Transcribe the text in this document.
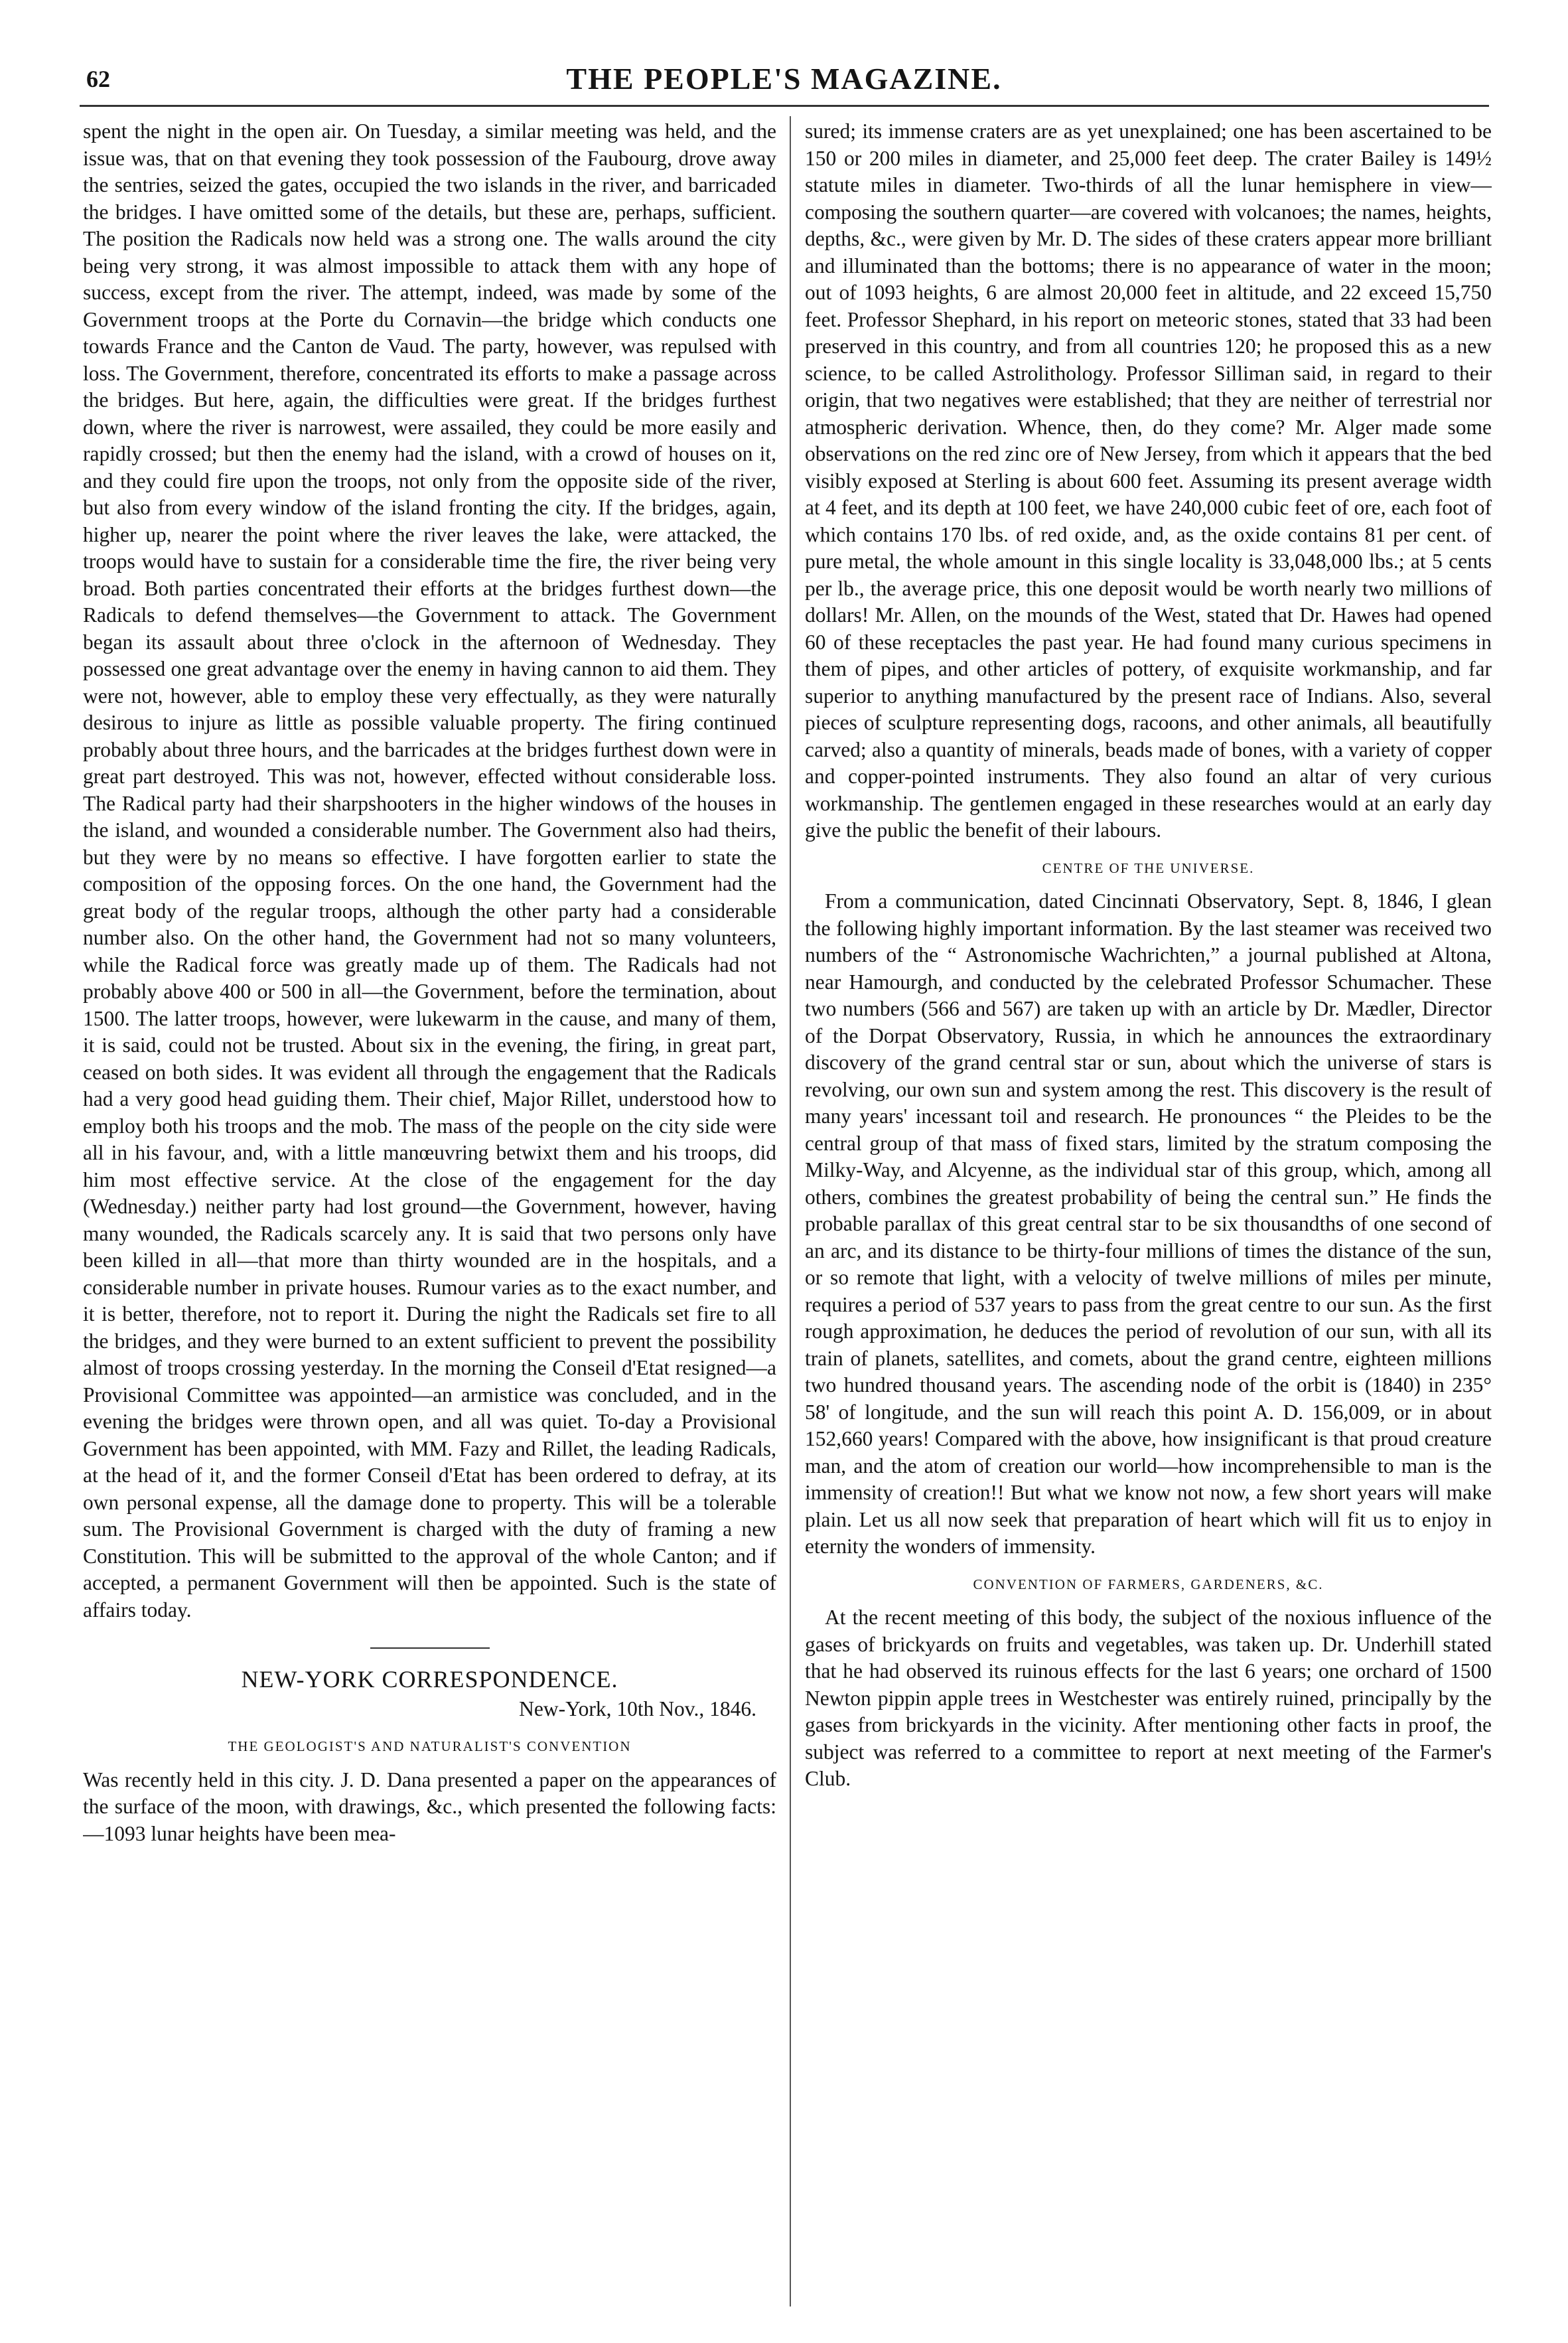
62	THE PEOPLE'S MAGAZINE.

spent the night in the open air. On Tuesday, a similar meeting was held, and the issue was, that on that evening they took possession of the Faubourg, drove away the sentries, seized the gates, occupied the two islands in the river, and barricaded the bridges. I have omitted some of the details, but these are, perhaps, sufficient. The position the Radicals now held was a strong one. The walls around the city being very strong, it was almost impossible to attack them with any hope of success, except from the river. The attempt, indeed, was made by some of the Government troops at the Porte du Cornavin—the bridge which conducts one towards France and the Canton de Vaud. The party, however, was repulsed with loss. The Government, therefore, concentrated its efforts to make a passage across the bridges. But here, again, the difficulties were great. If the bridges furthest down, where the river is narrowest, were assailed, they could be more easily and rapidly crossed; but then the enemy had the island, with a crowd of houses on it, and they could fire upon the troops, not only from the opposite side of the river, but also from every window of the island fronting the city. If the bridges, again, higher up, nearer the point where the river leaves the lake, were attacked, the troops would have to sustain for a considerable time the fire, the river being very broad. Both parties concentrated their efforts at the bridges furthest down—the Radicals to defend themselves—the Government to attack. The Government began its assault about three o'clock in the afternoon of Wednesday. They possessed one great advantage over the enemy in having cannon to aid them. They were not, however, able to employ these very effectually, as they were naturally desirous to injure as little as possible valuable property. The firing continued probably about three hours, and the barricades at the bridges furthest down were in great part destroyed. This was not, however, effected without considerable loss. The Radical party had their sharpshooters in the higher windows of the houses in the island, and wounded a considerable number. The Government also had theirs, but they were by no means so effective. I have forgotten earlier to state the composition of the opposing forces. On the one hand, the Government had the great body of the regular troops, although the other party had a considerable number also. On the other hand, the Government had not so many volunteers, while the Radical force was greatly made up of them. The Radicals had not probably above 400 or 500 in all—the Government, before the termination, about 1500. The latter troops, however, were lukewarm in the cause, and many of them, it is said, could not be trusted. About six in the evening, the firing, in great part, ceased on both sides. It was evident all through the engagement that the Radicals had a very good head guiding them. Their chief, Major Rillet, understood how to employ both his troops and the mob. The mass of the people on the city side were all in his favour, and, with a little manœuvring betwixt them and his troops, did him most effective service. At the close of the engagement for the day (Wednesday.) neither party had lost ground—the Government, however, having many wounded, the Radicals scarcely any. It is said that two persons only have been killed in all—that more than thirty wounded are in the hospitals, and a considerable number in private houses. Rumour varies as to the exact number, and it is better, therefore, not to report it. During the night the Radicals set fire to all the bridges, and they were burned to an extent sufficient to prevent the possibility almost of troops crossing yesterday. In the morning the Conseil d'Etat resigned—a Provisional Committee was appointed—an armistice was concluded, and in the evening the bridges were thrown open, and all was quiet. To-day a Provisional Government has been appointed, with MM. Fazy and Rillet, the leading Radicals, at the head of it, and the former Conseil d'Etat has been ordered to defray, at its own personal expense, all the damage done to property. This will be a tolerable sum. The Provisional Government is charged with the duty of framing a new Constitution. This will be submitted to the approval of the whole Canton; and if accepted, a permanent Government will then be appointed. Such is the state of affairs today.

NEW-YORK CORRESPONDENCE.
New-York, 10th Nov., 1846.
THE GEOLOGIST'S AND NATURALIST'S CONVENTION

Was recently held in this city. J. D. Dana presented a paper on the appearances of the surface of the moon, with drawings, &c., which presented the following facts:—1093 lunar heights have been mea-

sured; its immense craters are as yet unexplained; one has been ascertained to be 150 or 200 miles in diameter, and 25,000 feet deep. The crater Bailey is 149½ statute miles in diameter. Two-thirds of all the lunar hemisphere in view—composing the southern quarter—are covered with volcanoes; the names, heights, depths, &c., were given by Mr. D. The sides of these craters appear more brilliant and illuminated than the bottoms; there is no appearance of water in the moon; out of 1093 heights, 6 are almost 20,000 feet in altitude, and 22 exceed 15,750 feet. Professor Shephard, in his report on meteoric stones, stated that 33 had been preserved in this country, and from all countries 120; he proposed this as a new science, to be called Astrolithology. Professor Silliman said, in regard to their origin, that two negatives were established; that they are neither of terrestrial nor atmospheric derivation. Whence, then, do they come? Mr. Alger made some observations on the red zinc ore of New Jersey, from which it appears that the bed visibly exposed at Sterling is about 600 feet. Assuming its present average width at 4 feet, and its depth at 100 feet, we have 240,000 cubic feet of ore, each foot of which contains 170 lbs. of red oxide, and, as the oxide contains 81 per cent. of pure metal, the whole amount in this single locality is 33,048,000 lbs.; at 5 cents per lb., the average price, this one deposit would be worth nearly two millions of dollars! Mr. Allen, on the mounds of the West, stated that Dr. Hawes had opened 60 of these receptacles the past year. He had found many curious specimens in them of pipes, and other articles of pottery, of exquisite workmanship, and far superior to anything manufactured by the present race of Indians. Also, several pieces of sculpture representing dogs, racoons, and other animals, all beautifully carved; also a quantity of minerals, beads made of bones, with a variety of copper and copper-pointed instruments. They also found an altar of very curious workmanship. The gentlemen engaged in these researches would at an early day give the public the benefit of their labours.

CENTRE OF THE UNIVERSE.

From a communication, dated Cincinnati Observatory, Sept. 8, 1846, I glean the following highly important information. By the last steamer was received two numbers of the “ Astronomische Wachrichten,” a journal published at Altona, near Hamourgh, and conducted by the celebrated Professor Schumacher. These two numbers (566 and 567) are taken up with an article by Dr. Mædler, Director of the Dorpat Observatory, Russia, in which he announces the extraordinary discovery of the grand central star or sun, about which the universe of stars is revolving, our own sun and system among the rest. This discovery is the result of many years' incessant toil and research. He pronounces “ the Pleides to be the central group of that mass of fixed stars, limited by the stratum composing the Milky-Way, and Alcyenne, as the individual star of this group, which, among all others, combines the greatest probability of being the central sun.” He finds the probable parallax of this great central star to be six thousandths of one second of an arc, and its distance to be thirty-four millions of times the distance of the sun, or so remote that light, with a velocity of twelve millions of miles per minute, requires a period of 537 years to pass from the great centre to our sun. As the first rough approximation, he deduces the period of revolution of our sun, with all its train of planets, satellites, and comets, about the grand centre, eighteen millions two hundred thousand years. The ascending node of the orbit is (1840) in 235° 58' of longitude, and the sun will reach this point A. D. 156,009, or in about 152,660 years! Compared with the above, how insignificant is that proud creature man, and the atom of creation our world—how incomprehensible to man is the immensity of creation!! But what we know not now, a few short years will make plain. Let us all now seek that preparation of heart which will fit us to enjoy in eternity the wonders of immensity.

CONVENTION OF FARMERS, GARDENERS, &C.

At the recent meeting of this body, the subject of the noxious influence of the gases of brickyards on fruits and vegetables, was taken up. Dr. Underhill stated that he had observed its ruinous effects for the last 6 years; one orchard of 1500 Newton pippin apple trees in Westchester was entirely ruined, principally by the gases from brickyards in the vicinity. After mentioning other facts in proof, the subject was referred to a committee to report at next meeting of the Farmer's Club.
